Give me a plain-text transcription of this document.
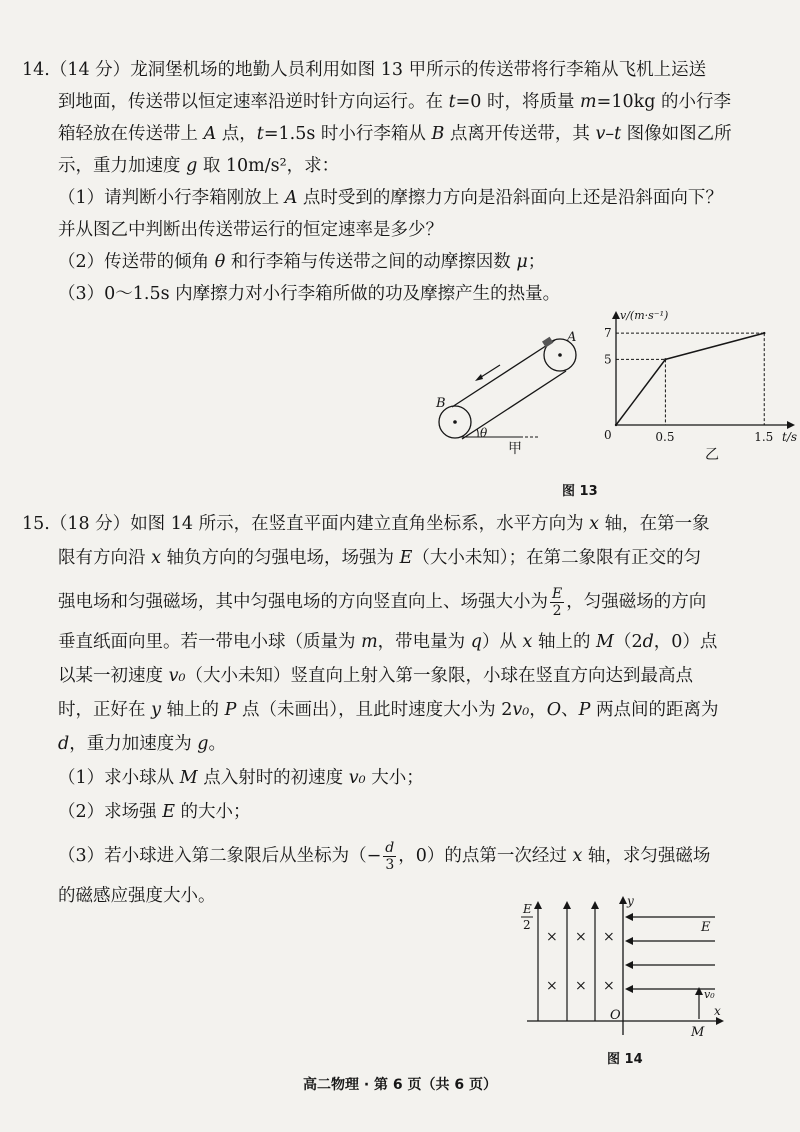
14.（14 分）龙洞堡机场的地勤人员利用如图 13 甲所示的传送带将行李箱从飞机上运送
到地面，传送带以恒定速率沿逆时针方向运行。在 t=0 时，将质量 m=10kg 的小行李
箱轻放在传送带上 A 点，t=1.5s 时小行李箱从 B 点离开传送带，其 v–t 图像如图乙所
示，重力加速度 g 取 10m/s²，求：
（1）请判断小行李箱刚放上 A 点时受到的摩擦力方向是沿斜面向上还是沿斜面向下？
并从图乙中判断出传送带运行的恒定速率是多少？
（2）传送带的倾角 θ 和行李箱与传送带之间的动摩擦因数 μ；
（3）0～1.5s 内摩擦力对小行李箱所做的功及摩擦产生的热量。
A
B
θ
甲
v/(m·s⁻¹)
t/s
0
5
7
0.5	1.5
乙
图 13
15.（18 分）如图 14 所示，在竖直平面内建立直角坐标系，水平方向为 x 轴，在第一象
限有方向沿 x 轴负方向的匀强电场，场强为 E（大小未知）；在第二象限有正交的匀
强电场和匀强磁场，其中匀强电场的方向竖直向上、场强大小为 $\frac{E}{2}$ ，匀强磁场的方向
垂直纸面向里。若一带电小球（质量为 m，带电量为 q）从 x 轴上的 M（2d，0）点
以某一初速度 v₀（大小未知）竖直向上射入第一象限，小球在竖直方向达到最高点
时，正好在 y 轴上的 P 点（未画出），且此时速度大小为 2v₀，O、P 两点间的距离为
d，重力加速度为 g。
（1）求小球从 M 点入射时的初速度 v₀ 大小；
（2）求场强 E 的大小；
（3）若小球进入第二象限后从坐标为（− $\frac{d}{3}$ ，0）的点第一次经过 x 轴，求匀强磁场
的磁感应强度大小。
× × ×
× × ×
E
2	E
y
x
O
M
v₀
图 14
高二物理 · 第 6 页（共 6 页）
